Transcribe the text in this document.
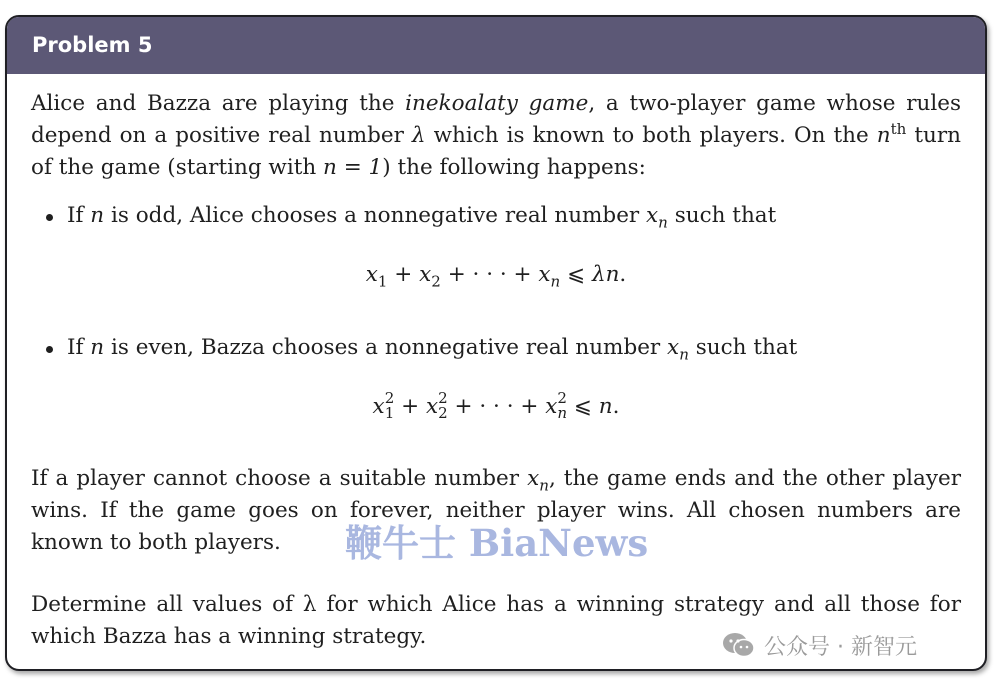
Problem 5

Alice and Bazza are playing the inekoalaty game, a two-player game whose rules depend on a positive real number λ which is known to both players. On the $n^{th}$ turn of the game (starting with n = 1) the following happens:

If n is odd, Alice chooses a nonnegative real number $x_n$ such that
$x_1 + x_2$ + · · · + $x_n$ ⩽ λn.
If n is even, Bazza chooses a nonnegative real number $x_n$ such that
x 2
1 + x 2
2 + · · · + x 2
n ⩽ n.

If a player cannot choose a suitable number $x_n$, the game ends and the other player wins. If the game goes on forever, neither player wins. All chosen numbers are known to both players.

Determine all values of λ for which Alice has a winning strategy and all those for which Bazza has a winning strategy.

鞭牛士 BiaNews
公众号 · 新智元
